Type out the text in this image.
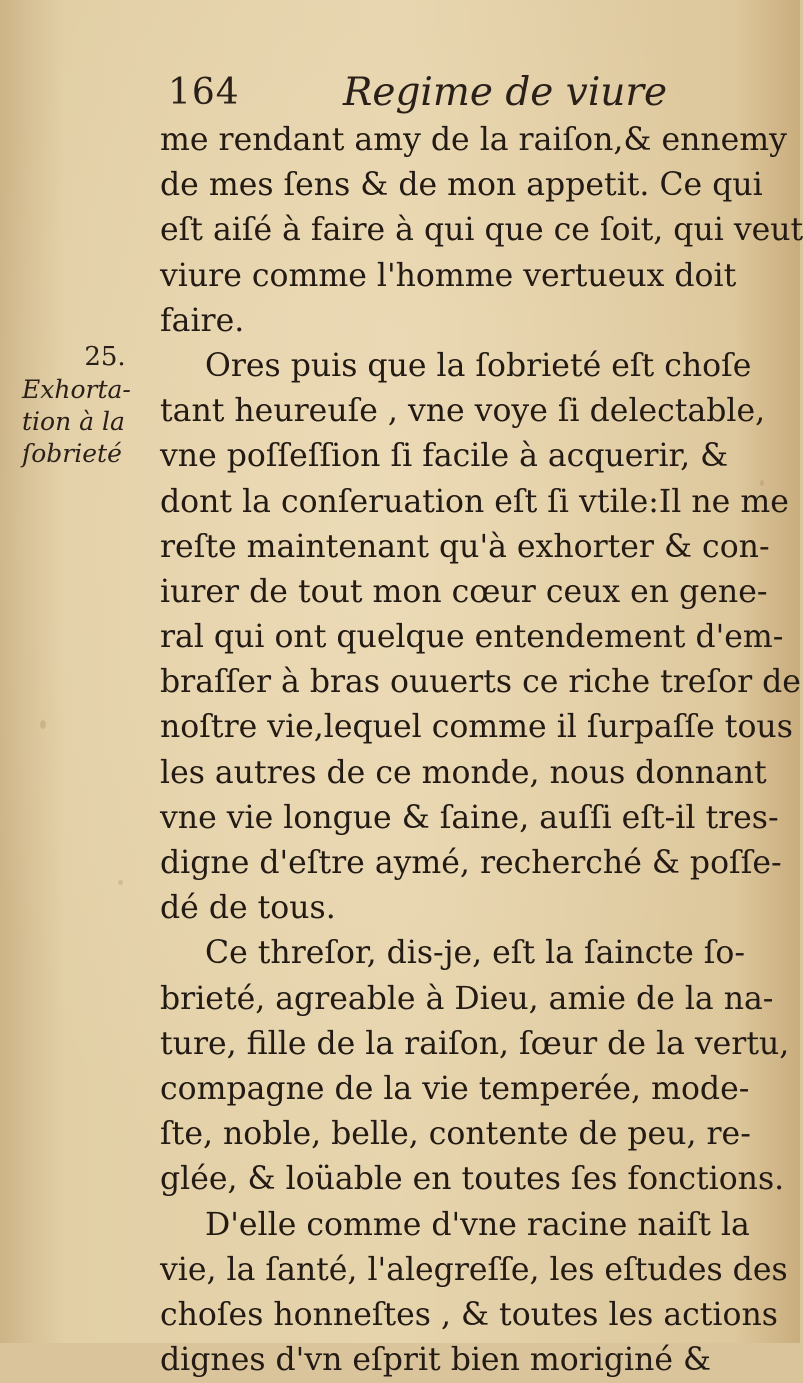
164	Regime de viure
25.
Exhorta-
tion à la
ſobrieté
me rendant amy de la raiſon,& ennemy
de mes ſens & de mon appetit. Ce qui
eſt aiſé à faire à qui que ce ſoit, qui veut
viure comme l'homme vertueux doit
faire.
Ores puis que la ſobrieté eſt choſe
tant heureuſe , vne voye ſi delectable,
vne poſſeſſion ſi facile à acquerir, &
dont la conſeruation eſt ſi vtile:Il ne me
reſte maintenant qu'à exhorter & con-
iurer de tout mon cœur ceux en gene-
ral qui ont quelque entendement d'em-
braſſer à bras ouuerts ce riche treſor de
noſtre vie,lequel comme il ſurpaſſe tous
les autres de ce monde, nous donnant
vne vie longue & ſaine, auſſi eſt-il tres-
digne d'eſtre aymé, recherché & poſſe-
dé de tous.
Ce threſor, dis-je, eſt la ſaincte ſo-
brieté, agreable à Dieu, amie de la na-
ture, fille de la raiſon, ſœur de la vertu,
compagne de la vie temperée, mode-
ſte, noble, belle, contente de peu, re-
glée, & loüable en toutes ſes fonctions.
D'elle comme d'vne racine naiſt la
vie, la ſanté, l'alegreſſe, les eſtudes des
choſes honneſtes , & toutes les actions
dignes d'vn eſprit bien moriginé &
